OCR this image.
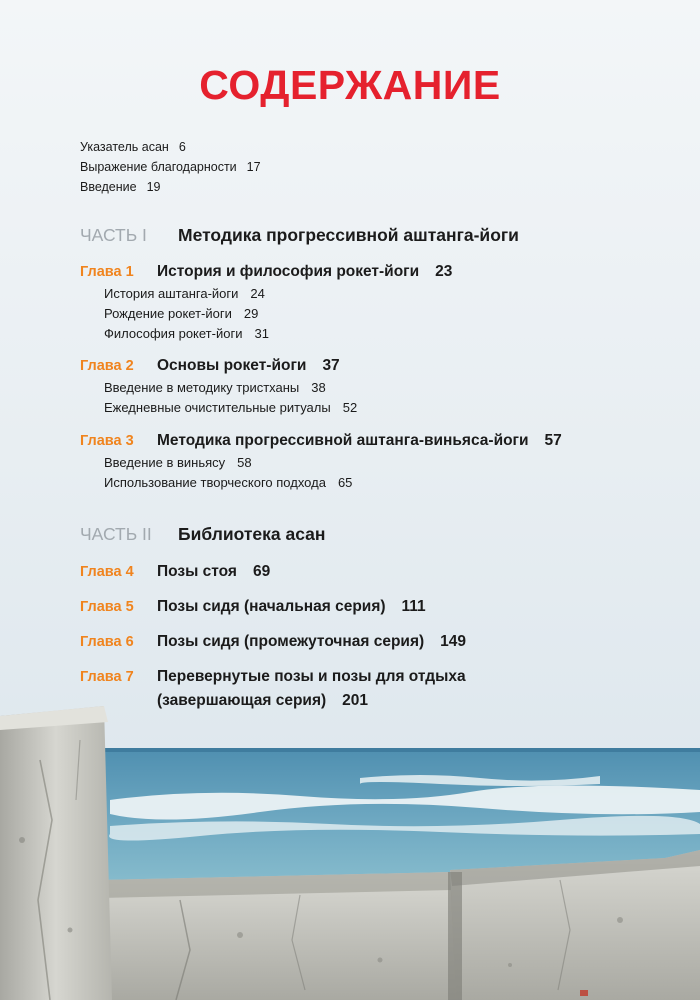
СОДЕРЖАНИЕ
Указатель асан 6
Выражение благодарности 17
Введение 19
ЧАСТЬ I Методика прогрессивной аштанга-йоги
Глава 1 История и философия рокет-йоги 23
История аштанга-йоги 24
Рождение рокет-йоги 29
Философия рокет-йоги 31
Глава 2 Основы рокет-йоги 37
Введение в методику тристханы 38
Ежедневные очистительные ритуалы 52
Глава 3 Методика прогрессивной аштанга-виньяса-йоги 57
Введение в виньясу 58
Использование творческого подхода 65
ЧАСТЬ II Библиотека асан
Глава 4 Позы стоя 69
Глава 5 Позы сидя (начальная серия) 111
Глава 6 Позы сидя (промежуточная серия) 149
Глава 7 Перевернутые позы и позы для отдыха
(завершающая серия) 201
